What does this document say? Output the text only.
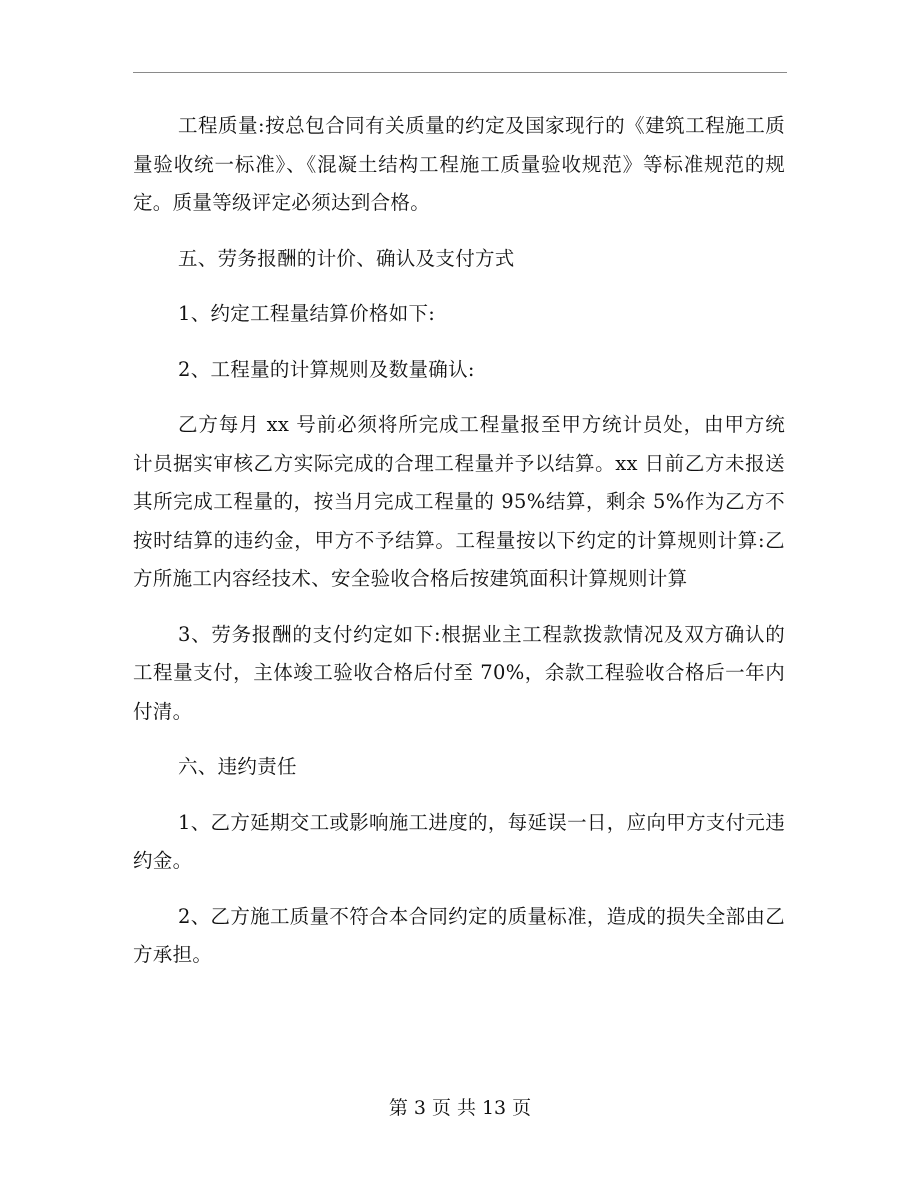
工程质量:按总包合同有关质量的约定及国家现行的《建筑工程施工质量验收统一标准》、《混凝土结构工程施工质量验收规范》等标准规范的规定。质量等级评定必须达到合格。

五、劳务报酬的计价、确认及支付方式

1、约定工程量结算价格如下:

2、工程量的计算规则及数量确认:

乙方每月 xx 号前必须将所完成工程量报至甲方统计员处，由甲方统计员据实审核乙方实际完成的合理工程量并予以结算。xx 日前乙方未报送其所完成工程量的，按当月完成工程量的 95%结算，剩余 5%作为乙方不按时结算的违约金，甲方不予结算。工程量按以下约定的计算规则计算:乙方所施工内容经技术、安全验收合格后按建筑面积计算规则计算

3、劳务报酬的支付约定如下:根据业主工程款拨款情况及双方确认的工程量支付，主体竣工验收合格后付至 70%，余款工程验收合格后一年内付清。

六、违约责任

1、乙方延期交工或影响施工进度的，每延误一日，应向甲方支付元违约金。

2、乙方施工质量不符合本合同约定的质量标准，造成的损失全部由乙方承担。

第 3 页 共 13 页
